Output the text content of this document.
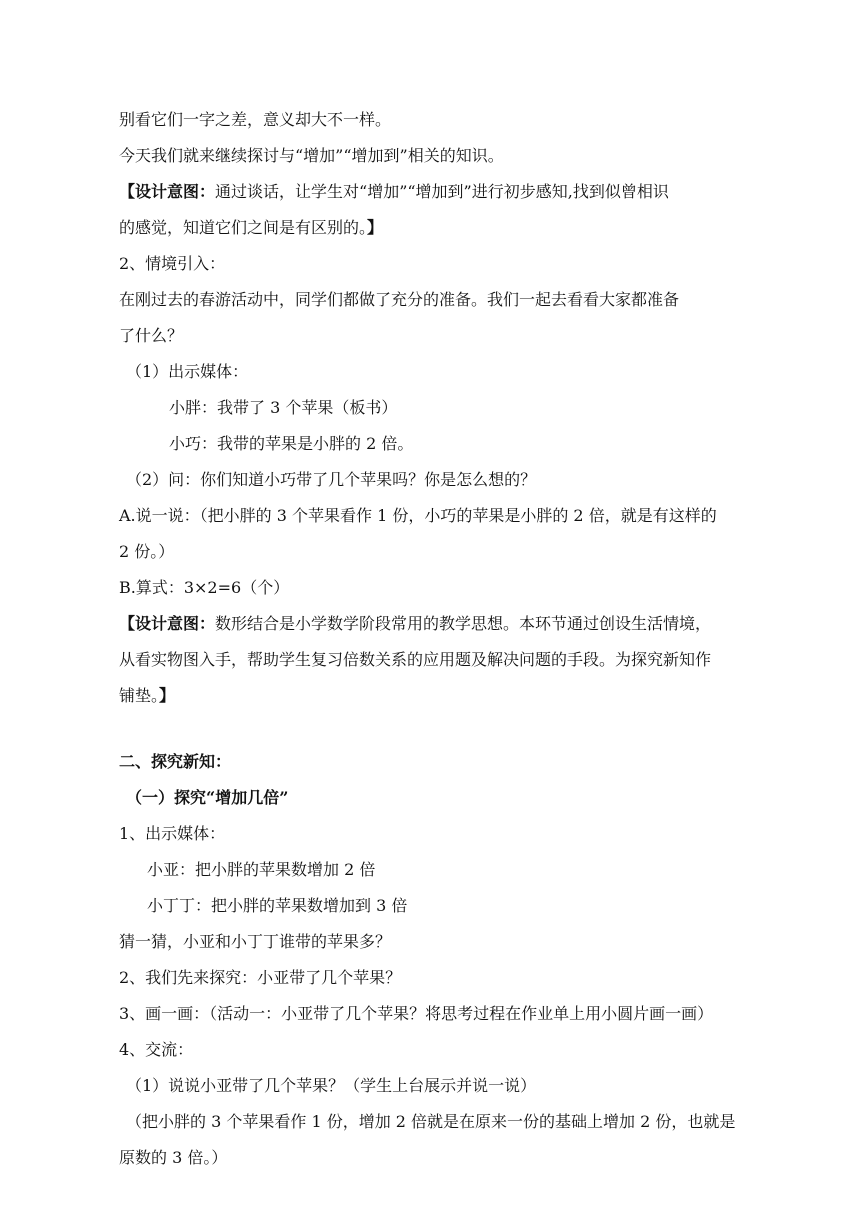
别看它们一字之差，意义却大不一样。
今天我们就来继续探讨与“增加”“增加到”相关的知识。
【设计意图：通过谈话，让学生对“增加”“增加到”进行初步感知,找到似曾相识
的感觉，知道它们之间是有区别的。】
2、情境引入：
在刚过去的春游活动中，同学们都做了充分的准备。我们一起去看看大家都准备
了什么？
（1）出示媒体：
小胖：我带了 3 个苹果（板书）
小巧：我带的苹果是小胖的 2 倍。
（2）问：你们知道小巧带了几个苹果吗？你是怎么想的？
A.说一说：（把小胖的 3 个苹果看作 1 份，小巧的苹果是小胖的 2 倍，就是有这样的
2 份。）
B.算式：3×2=6（个）
【设计意图：数形结合是小学数学阶段常用的教学思想。本环节通过创设生活情境，
从看实物图入手，帮助学生复习倍数关系的应用题及解决问题的手段。为探究新知作
铺垫。】
二、探究新知：
（一）探究“增加几倍”
1、出示媒体：
小亚：把小胖的苹果数增加 2 倍
小丁丁：把小胖的苹果数增加到 3 倍
猜一猜，小亚和小丁丁谁带的苹果多？
2、我们先来探究：小亚带了几个苹果？
3、画一画：（活动一：小亚带了几个苹果？将思考过程在作业单上用小圆片画一画）
4、交流：
（1）说说小亚带了几个苹果？（学生上台展示并说一说）
（把小胖的 3 个苹果看作 1 份，增加 2 倍就是在原来一份的基础上增加 2 份，也就是
原数的 3 倍。）
